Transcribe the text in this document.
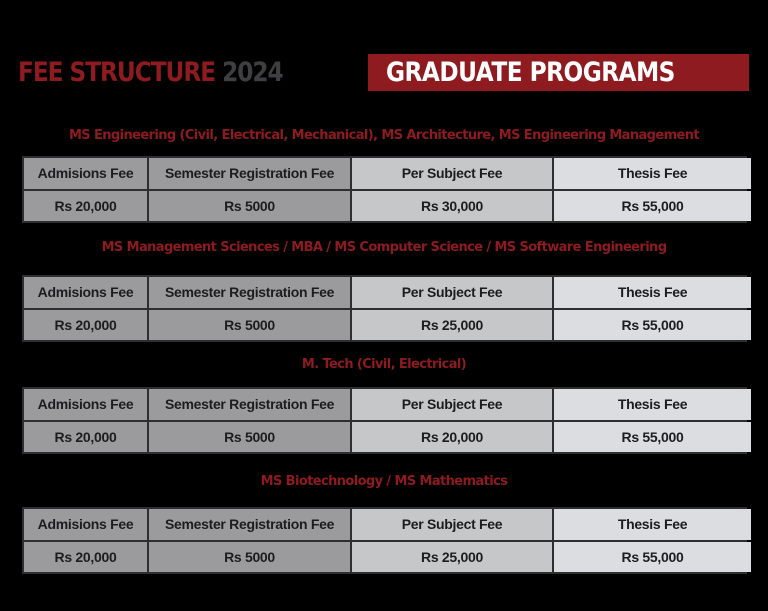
FEE STRUCTURE 2024	GRADUATE PROGRAMS
MS Engineering (Civil, Electrical, Mechanical), MS Architecture, MS Engineering Management
Admisions Fee	Semester Registration Fee	Per Subject Fee	Thesis Fee
Rs 20,000	Rs 5000	Rs 30,000	Rs 55,000
MS Management Sciences / MBA / MS Computer Science / MS Software Engineering
Admisions Fee	Semester Registration Fee	Per Subject Fee	Thesis Fee
Rs 20,000	Rs 5000	Rs 25,000	Rs 55,000
M. Tech (Civil, Electrical)
Admisions Fee	Semester Registration Fee	Per Subject Fee	Thesis Fee
Rs 20,000	Rs 5000	Rs 20,000	Rs 55,000
MS Biotechnology / MS Mathematics
Admisions Fee	Semester Registration Fee	Per Subject Fee	Thesis Fee
Rs 20,000	Rs 5000	Rs 25,000	Rs 55,000
